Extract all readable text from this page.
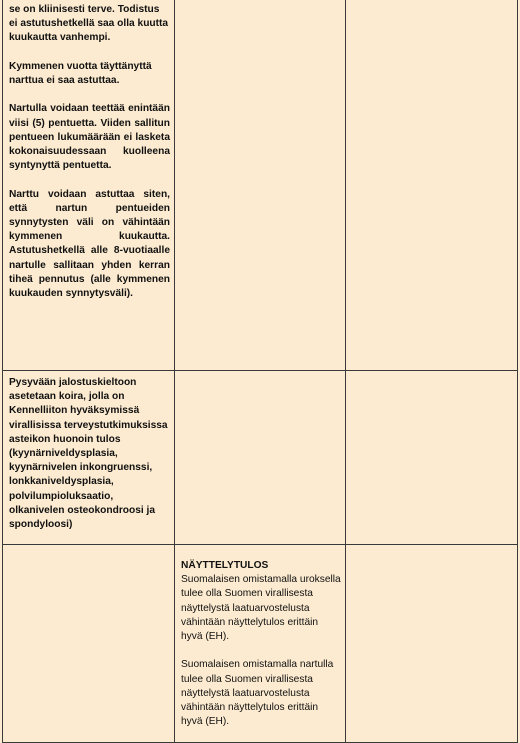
se on kliinisesti terve. Todistus ei astutushetkellä saa olla kuutta kuukautta vanhempi.

Kymmenen vuotta täyttänyttä narttua ei saa astuttaa.

Nartulla voidaan teettää enintään viisi (5) pentuetta. Viiden sallitun pentueen lukumäärään ei lasketa kokonaisuudessaan kuolleena syntynyttä pentuetta.

Narttu voidaan astuttaa siten, että nartun pentueiden synnytysten väli on vähintään kymmenen kuukautta. Astutushetkellä alle 8-vuotiaalle nartulle sallitaan yhden kerran tiheä pennutus (alle kymmenen kuukauden synnytysväli).		

Pysyvään jalostuskieltoon asetetaan koira, jolla on Kennelliiton hyväksymissä virallisissa terveystutkimuksissa asteikon huonoin tulos (kyynärniveldysplasia, kyynärnivelen inkongruenssi, lonkkaniveldysplasia, polvilumpioluksaatio, olkanivelen osteokondroosi ja spondyloosi)		

	NÄYTTELYTULOS

Suomalaisen omistamalla uroksella tulee olla Suomen virallisesta näyttelystä laatuarvostelusta vähintään näyttelytulos erittäin hyvä (EH).

Suomalaisen omistamalla nartulla tulee olla Suomen virallisesta näyttelystä laatuarvostelusta vähintään näyttelytulos erittäin hyvä (EH).	
